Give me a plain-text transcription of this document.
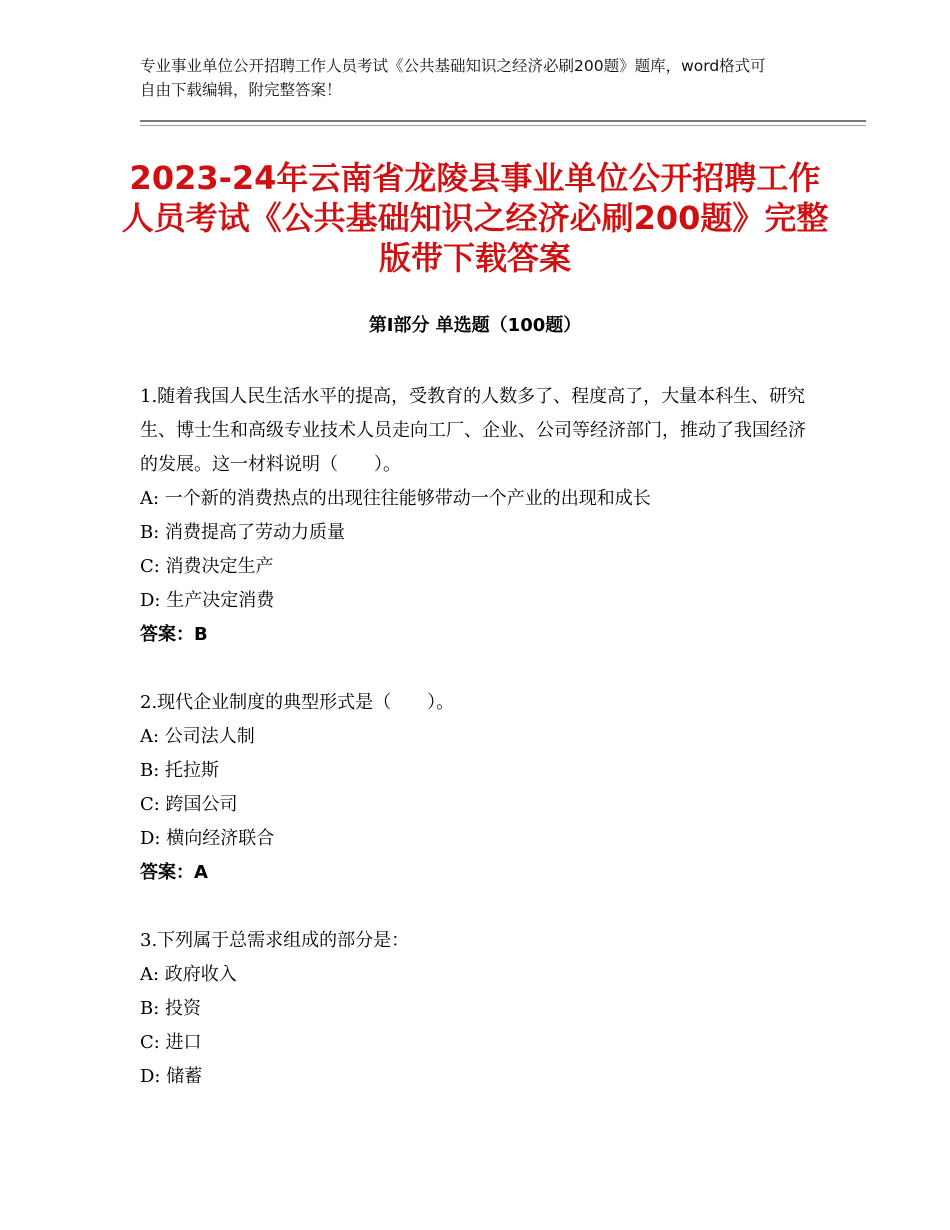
专业事业单位公开招聘工作人员考试《公共基础知识之经济必刷200题》题库，word格式可自由下载编辑，附完整答案！
2023-24年云南省龙陵县事业单位公开招聘工作人员考试《公共基础知识之经济必刷200题》完整版带下载答案
第Ⅰ部分 单选题（100题）

1.随着我国人民生活水平的提高，受教育的人数多了、程度高了，大量本科生、研究生、博士生和高级专业技术人员走向工厂、企业、公司等经济部门，推动了我国经济的发展。这一材料说明（　　）。

A: 一个新的消费热点的出现往往能够带动一个产业的出现和成长

B: 消费提高了劳动力质量

C: 消费决定生产

D: 生产决定消费

答案：B

2.现代企业制度的典型形式是（　　）。

A: 公司法人制

B: 托拉斯

C: 跨国公司

D: 横向经济联合

答案：A

3.下列属于总需求组成的部分是：

A: 政府收入

B: 投资

C: 进口

D: 储蓄
